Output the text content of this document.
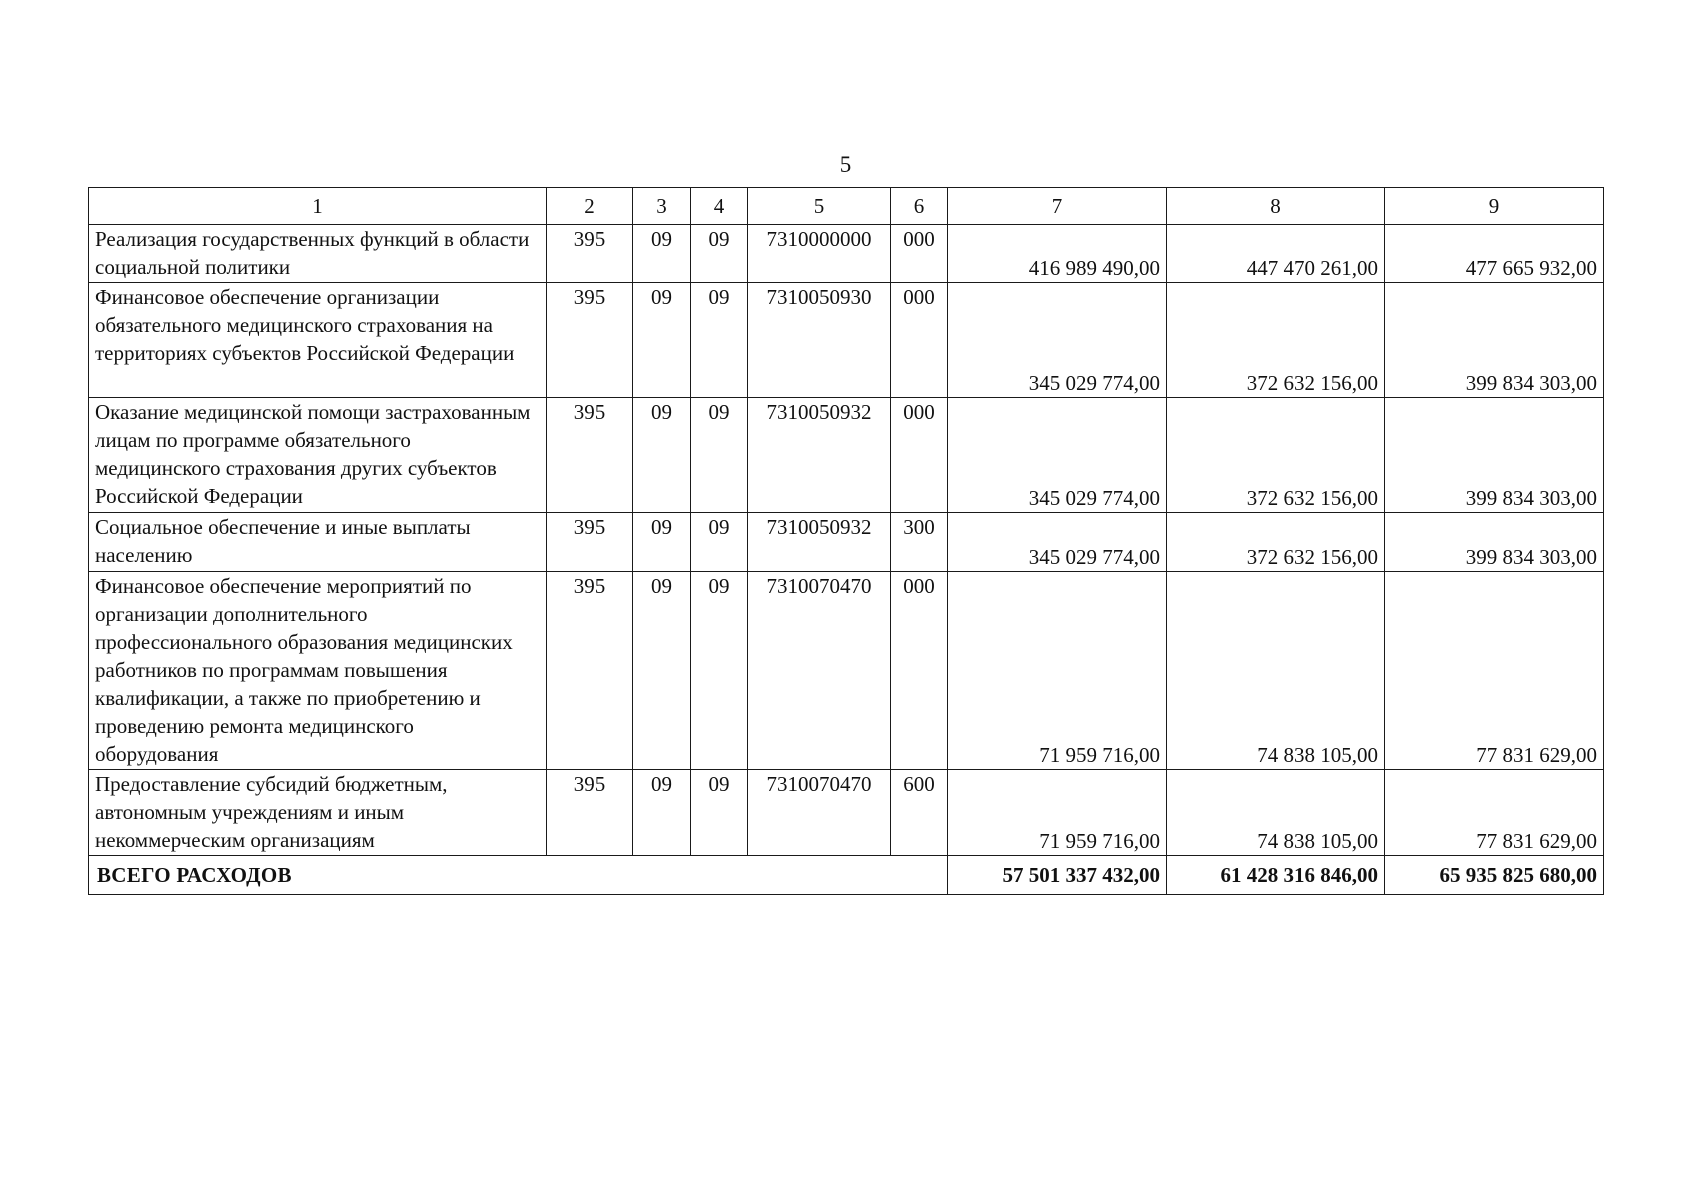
5
1	2	3	4	5	6	7	8	9
Реализация государственных функций в области социальной политики	395	09	09	7310000000	000	416 989 490,00	447 470 261,00	477 665 932,00
Финансовое обеспечение организации обязательного медицинского страхования на территориях субъектов Российской Федерации	395	09	09	7310050930	000	345 029 774,00	372 632 156,00	399 834 303,00
Оказание медицинской помощи застрахованным лицам по программе обязательного медицинского страхования других субъектов Российской Федерации	395	09	09	7310050932	000	345 029 774,00	372 632 156,00	399 834 303,00
Социальное обеспечение и иные выплаты населению	395	09	09	7310050932	300	345 029 774,00	372 632 156,00	399 834 303,00
Финансовое обеспечение мероприятий по организации дополнительного профессионального образования медицинских работников по программам повышения квалификации, а также по приобретению и проведению ремонта медицинского оборудования	395	09	09	7310070470	000	71 959 716,00	74 838 105,00	77 831 629,00
Предоставление субсидий бюджетным, автономным учреждениям и иным некоммерческим организациям	395	09	09	7310070470	600	71 959 716,00	74 838 105,00	77 831 629,00
ВСЕГО РАСХОДОВ						57 501 337 432,00	61 428 316 846,00	65 935 825 680,00
